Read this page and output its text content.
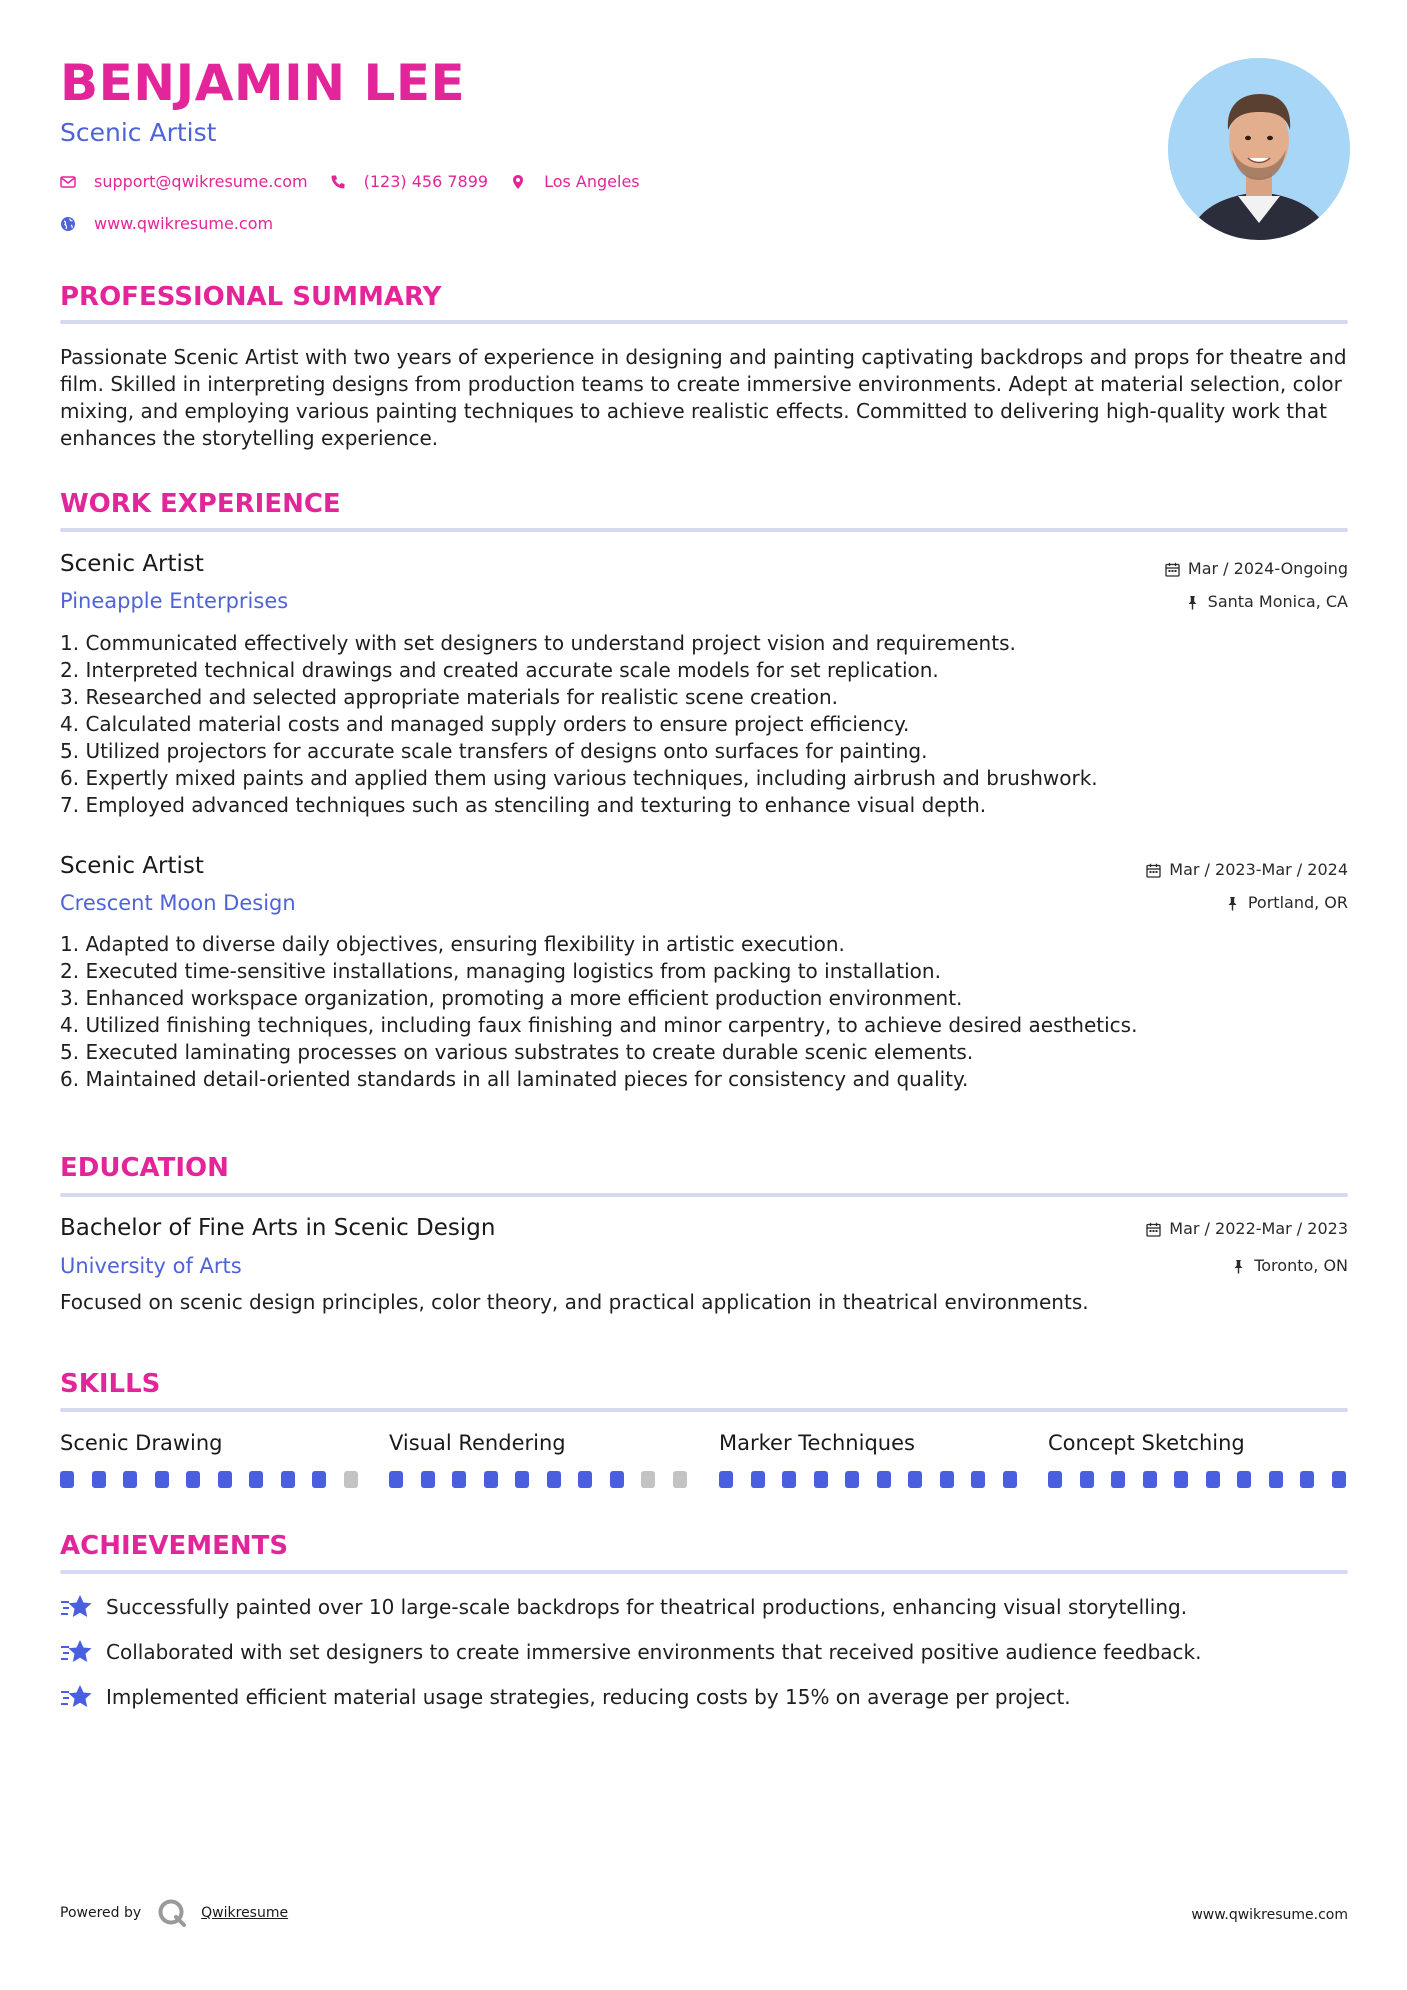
BENJAMIN LEE
Scenic Artist
support@qwikresume.com	(123) 456 7899	Los Angeles
www.qwikresume.com
PROFESSIONAL SUMMARY

Passionate Scenic Artist with two years of experience in designing and painting captivating backdrops and props for theatre and film. Skilled in interpreting designs from production teams to create immersive environments. Adept at material selection, color mixing, and employing various painting techniques to achieve realistic effects. Committed to delivering high-quality work that enhances the storytelling experience.

WORK EXPERIENCE
Scenic Artist	Mar / 2024-Ongoing
Pineapple Enterprises	Santa Monica, CA
1. Communicated effectively with set designers to understand project vision and requirements.
2. Interpreted technical drawings and created accurate scale models for set replication.
3. Researched and selected appropriate materials for realistic scene creation.
4. Calculated material costs and managed supply orders to ensure project efficiency.
5. Utilized projectors for accurate scale transfers of designs onto surfaces for painting.
6. Expertly mixed paints and applied them using various techniques, including airbrush and brushwork.
7. Employed advanced techniques such as stenciling and texturing to enhance visual depth.
Scenic Artist	Mar / 2023-Mar / 2024
Crescent Moon Design	Portland, OR
1. Adapted to diverse daily objectives, ensuring flexibility in artistic execution.
2. Executed time-sensitive installations, managing logistics from packing to installation.
3. Enhanced workspace organization, promoting a more efficient production environment.
4. Utilized finishing techniques, including faux finishing and minor carpentry, to achieve desired aesthetics.
5. Executed laminating processes on various substrates to create durable scenic elements.
6. Maintained detail-oriented standards in all laminated pieces for consistency and quality.
EDUCATION
Bachelor of Fine Arts in Scenic Design	Mar / 2022-Mar / 2023
University of Arts	Toronto, ON

Focused on scenic design principles, color theory, and practical application in theatrical environments.

SKILLS
Scenic Drawing	Visual Rendering	Marker Techniques	Concept Sketching
ACHIEVEMENTS
Successfully painted over 10 large-scale backdrops for theatrical productions, enhancing visual storytelling.
Collaborated with set designers to create immersive environments that received positive audience feedback.
Implemented efficient material usage strategies, reducing costs by 15% on average per project.
Powered by	Qwikresume	www.qwikresume.com
